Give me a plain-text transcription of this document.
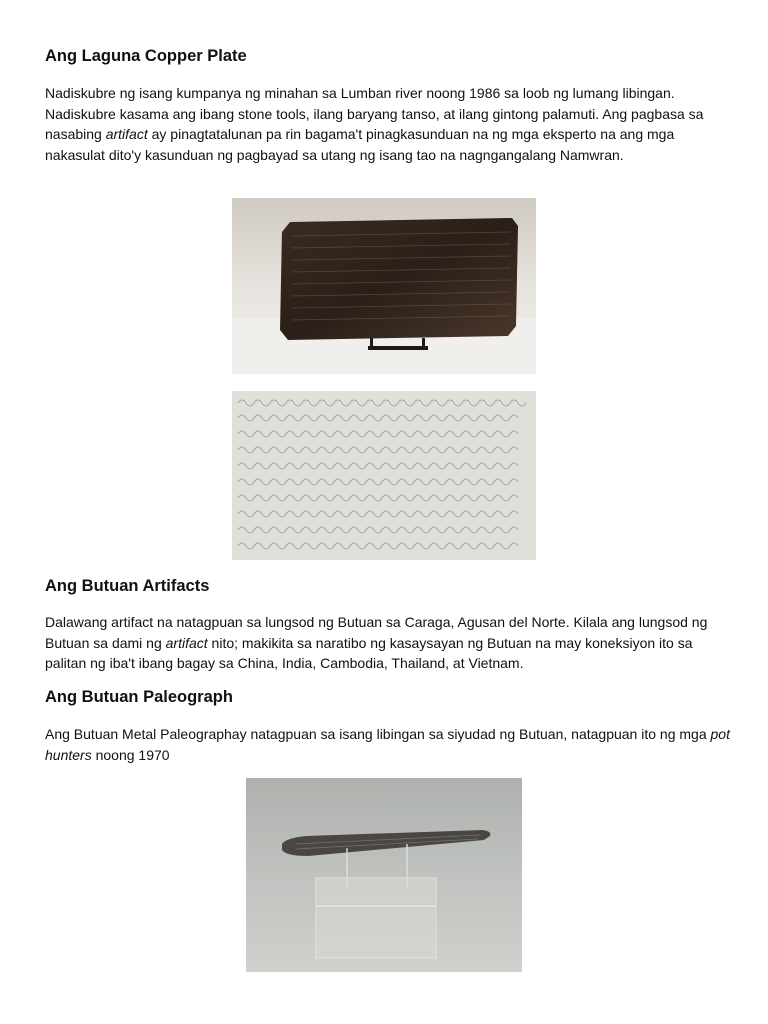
Ang Laguna Copper Plate

Nadiskubre ng isang kumpanya ng minahan sa Lumban river noong 1986 sa loob ng lumang libingan. Nadiskubre kasama ang ibang stone tools, ilang baryang tanso, at ilang gintong palamuti. Ang pagbasa sa nasabing artifact ay pinagtatalunan pa rin bagama't pinagkasunduan na ng mga eksperto na ang mga nakasulat dito'y kasunduan ng pagbayad sa utang ng isang tao na nagngangalang Namwran.

Ang Butuan Artifacts

Dalawang artifact na natagpuan sa lungsod ng Butuan sa Caraga, Agusan del Norte. Kilala ang lungsod ng Butuan sa dami ng artifact nito; makikita sa naratibo ng kasaysayan ng Butuan na may koneksiyon ito sa palitan ng iba't ibang bagay sa China, India, Cambodia, Thailand, at Vietnam.

Ang Butuan Paleograph

Ang Butuan Metal Paleographay natagpuan sa isang libingan sa siyudad ng Butuan, natagpuan ito ng mga pot hunters noong 1970
